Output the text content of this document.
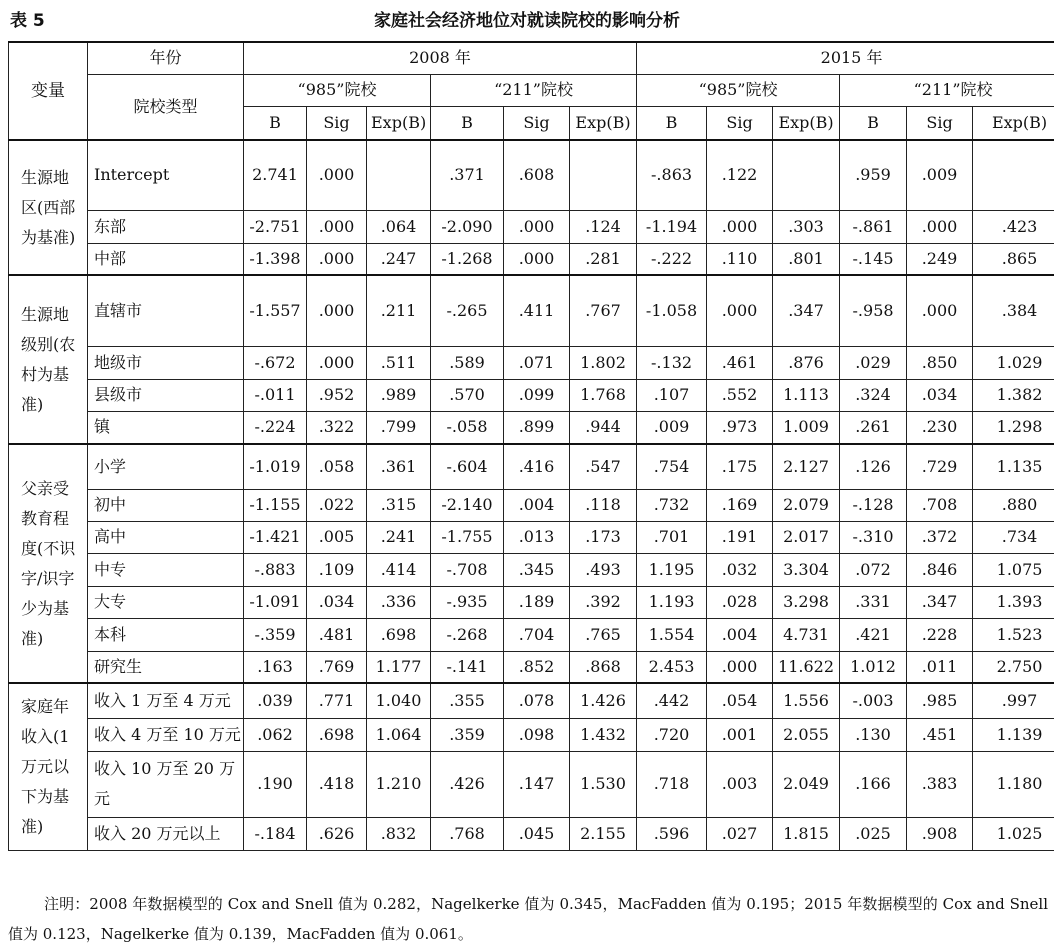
表 5	家庭社会经济地位对就读院校的影响分析
变量	年份	2008 年						2015 年					
	院校类型	“985”院校			“211”院校			“985”院校			“211”院校		
		B	Sig	Exp(B)	B	Sig	Exp(B)	B	Sig	Exp(B)	B	Sig	Exp(B)
生源地区(西部为基准)	Intercept	2.741	.000		.371	.608		-.863	.122		.959	.009	
	东部	-2.751	.000	.064	-2.090	.000	.124	-1.194	.000	.303	-.861	.000	.423
	中部	-1.398	.000	.247	-1.268	.000	.281	-.222	.110	.801	-.145	.249	.865
生源地级别(农村为基准)	直辖市	-1.557	.000	.211	-.265	.411	.767	-1.058	.000	.347	-.958	.000	.384
	地级市	-.672	.000	.511	.589	.071	1.802	-.132	.461	.876	.029	.850	1.029
	县级市	-.011	.952	.989	.570	.099	1.768	.107	.552	1.113	.324	.034	1.382
	镇	-.224	.322	.799	-.058	.899	.944	.009	.973	1.009	.261	.230	1.298
父亲受教育程度(不识字/识字少为基准)	小学	-1.019	.058	.361	-.604	.416	.547	.754	.175	2.127	.126	.729	1.135
	初中	-1.155	.022	.315	-2.140	.004	.118	.732	.169	2.079	-.128	.708	.880
	高中	-1.421	.005	.241	-1.755	.013	.173	.701	.191	2.017	-.310	.372	.734
	中专	-.883	.109	.414	-.708	.345	.493	1.195	.032	3.304	.072	.846	1.075
	大专	-1.091	.034	.336	-.935	.189	.392	1.193	.028	3.298	.331	.347	1.393
	本科	-.359	.481	.698	-.268	.704	.765	1.554	.004	4.731	.421	.228	1.523
	研究生	.163	.769	1.177	-.141	.852	.868	2.453	.000	11.622	1.012	.011	2.750
家庭年收入(1万元以下为基准)	收入 1 万至 4 万元	.039	.771	1.040	.355	.078	1.426	.442	.054	1.556	-.003	.985	.997
	收入 4 万至 10 万元	.062	.698	1.064	.359	.098	1.432	.720	.001	2.055	.130	.451	1.139
	收入 10 万至 20 万元	.190	.418	1.210	.426	.147	1.530	.718	.003	2.049	.166	.383	1.180
	收入 20 万元以上	-.184	.626	.832	.768	.045	2.155	.596	.027	1.815	.025	.908	1.025

注明：2008 年数据模型的 Cox and Snell 值为 0.282，Nagelkerke 值为 0.345，MacFadden 值为 0.195；2015 年数据模型的 Cox and Snell 值为 0.123，Nagelkerke 值为 0.139，MacFadden 值为 0.061。
